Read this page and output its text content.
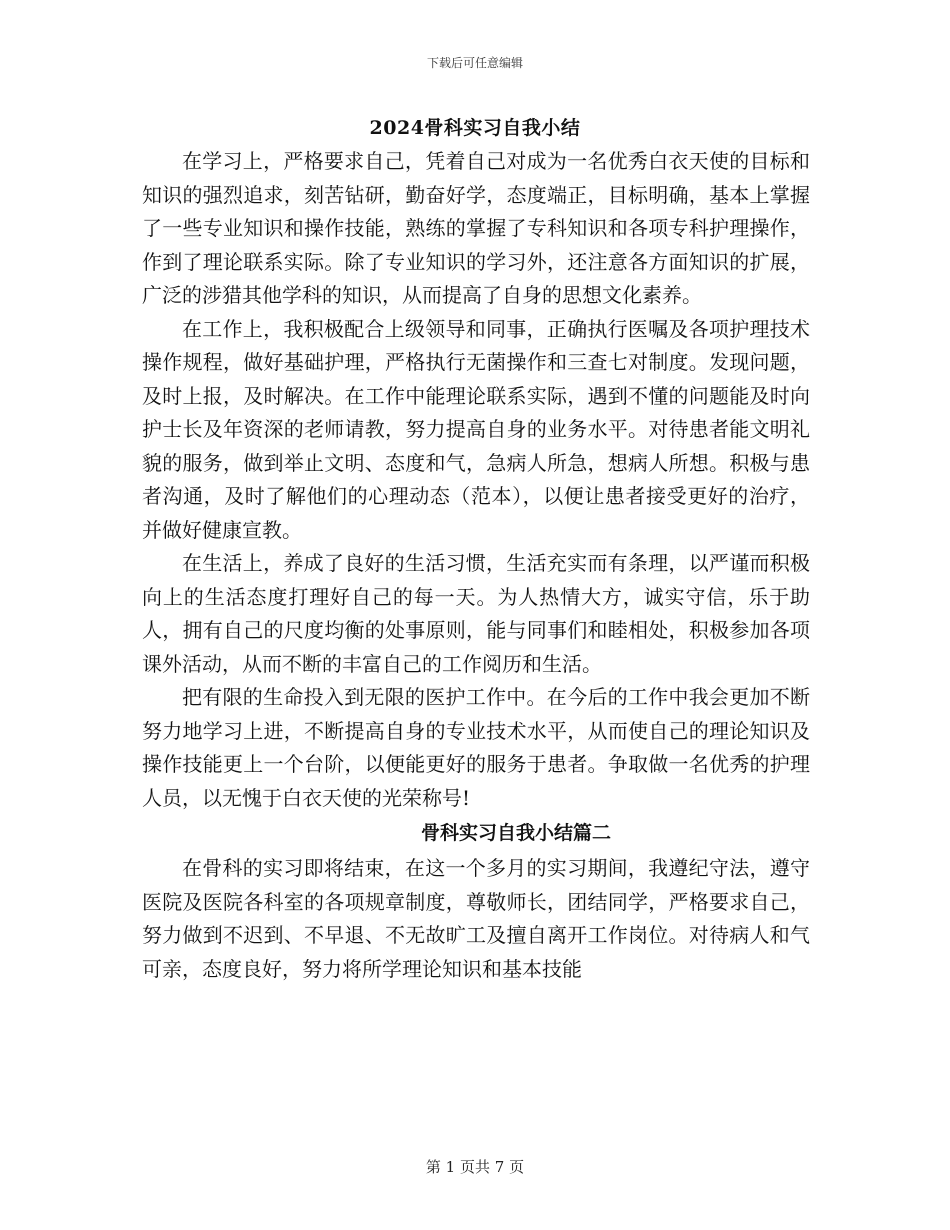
下载后可任意编辑
2024骨科实习自我小结

在学习上，严格要求自己，凭着自己对成为一名优秀白衣天使的目标和知识的强烈追求，刻苦钻研，勤奋好学，态度端正，目标明确，基本上掌握了一些专业知识和操作技能，熟练的掌握了专科知识和各项专科护理操作，作到了理论联系实际。除了专业知识的学习外，还注意各方面知识的扩展，广泛的涉猎其他学科的知识，从而提高了自身的思想文化素养。

在工作上，我积极配合上级领导和同事，正确执行医嘱及各项护理技术操作规程，做好基础护理，严格执行无菌操作和三查七对制度。发现问题，及时上报，及时解决。在工作中能理论联系实际，遇到不懂的问题能及时向护士长及年资深的老师请教，努力提高自身的业务水平。对待患者能文明礼貌的服务，做到举止文明、态度和气，急病人所急，想病人所想。积极与患者沟通，及时了解他们的心理动态（范本），以便让患者接受更好的治疗，并做好健康宣教。

在生活上，养成了良好的生活习惯，生活充实而有条理，以严谨而积极向上的生活态度打理好自己的每一天。为人热情大方，诚实守信，乐于助人，拥有自己的尺度均衡的处事原则，能与同事们和睦相处，积极参加各项课外活动，从而不断的丰富自己的工作阅历和生活。

把有限的生命投入到无限的医护工作中。在今后的工作中我会更加不断努力地学习上进，不断提高自身的专业技术水平，从而使自己的理论知识及操作技能更上一个台阶，以便能更好的服务于患者。争取做一名优秀的护理人员，以无愧于白衣天使的光荣称号!

骨科实习自我小结篇二

在骨科的实习即将结束，在这一个多月的实习期间，我遵纪守法，遵守医院及医院各科室的各项规章制度，尊敬师长，团结同学，严格要求自己，努力做到不迟到、不早退、不无故旷工及擅自离开工作岗位。对待病人和气可亲，态度良好，努力将所学理论知识和基本技能

第 1 页共 7 页
